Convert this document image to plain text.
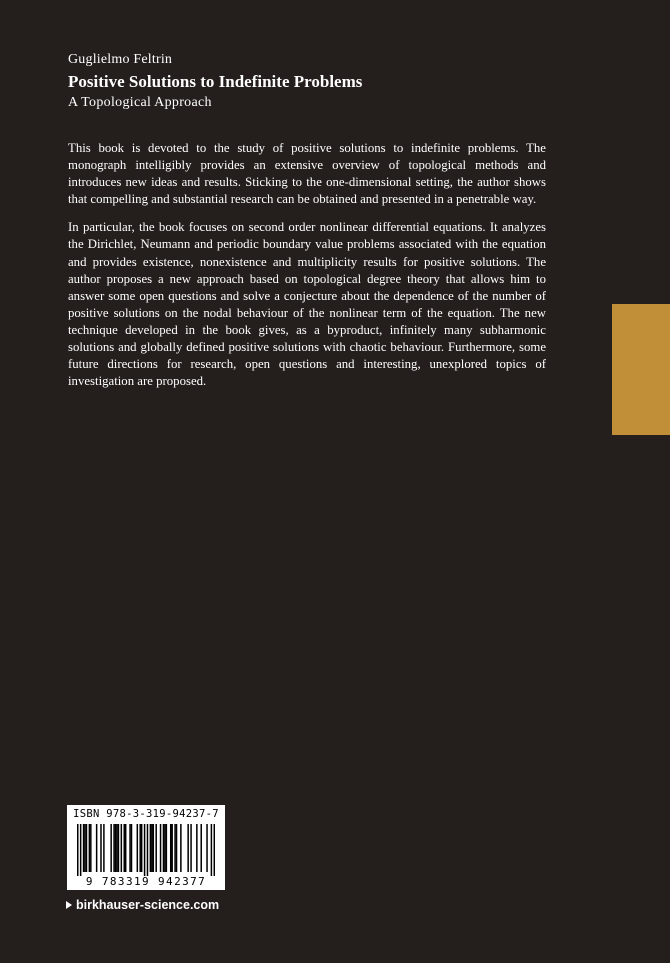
Guglielmo Feltrin
Positive Solutions to Indefinite Problems
A Topological Approach

This book is devoted to the study of positive solutions to indefinite problems. The monograph intelligibly provides an extensive overview of topological methods and introduces new ideas and results. Sticking to the one-dimensional setting, the author shows that compelling and substantial research can be obtained and presented in a penetrable way.

In particular, the book focuses on second order nonlinear differential equations. It analyzes the Dirichlet, Neumann and periodic boundary value problems associated with the equation and provides existence, nonexistence and multiplicity results for positive solutions. The author proposes a new approach based on topological degree theory that allows him to answer some open questions and solve a conjecture about the dependence of the number of positive solutions on the nodal behaviour of the nonlinear term of the equation. The new technique developed in the book gives, as a byproduct, infinitely many subharmonic solutions and globally defined positive solutions with chaotic behaviour. Furthermore, some future directions for research, open questions and interesting, unexplored topics of investigation are proposed.

ISBN 978-3-319-94237-7
9 783319 942377
birkhauser-science.com
